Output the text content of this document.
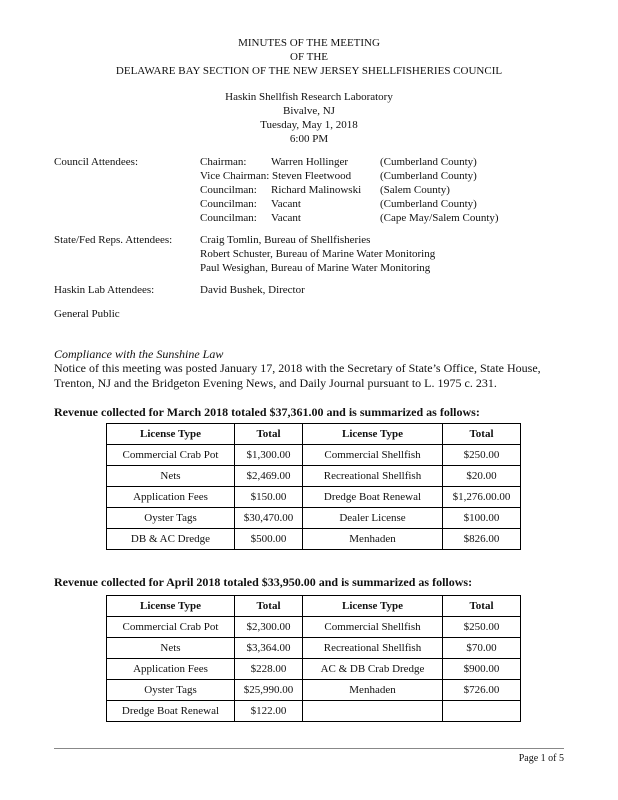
MINUTES OF THE MEETING
OF THE
DELAWARE BAY SECTION OF THE NEW JERSEY SHELLFISHERIES COUNCIL
Haskin Shellfish Research Laboratory
Bivalve, NJ
Tuesday, May 1, 2018
6:00 PM
Council Attendees:	Chairman: Warren Hollinger	(Cumberland County)
Vice Chairman: Steven Fleetwood	(Cumberland County)
Councilman: Richard Malinowski (Salem County)
Councilman: Vacant	(Cumberland County)
Councilman: Vacant	(Cape May/Salem County)
State/Fed Reps. Attendees:	Craig Tomlin, Bureau of Shellfisheries
Robert Schuster, Bureau of Marine Water Monitoring
Paul Wesighan, Bureau of Marine Water Monitoring
Haskin Lab Attendees:	David Bushek, Director
General Public
Compliance with the Sunshine Law
Notice of this meeting was posted January 17, 2018 with the Secretary of State’s Office, State House,
Trenton, NJ and the Bridgeton Evening News, and Daily Journal pursuant to L. 1975 c. 231.
Revenue collected for March 2018 totaled $37,361.00 and is summarized as follows:
License Type	Total	License Type	Total
Commercial Crab Pot	$1,300.00	Commercial Shellfish	$250.00
Nets	$2,469.00	Recreational Shellfish	$20.00
Application Fees	$150.00	Dredge Boat Renewal	$1,276.00.00
Oyster Tags	$30,470.00	Dealer License	$100.00
DB & AC Dredge	$500.00	Menhaden	$826.00
Revenue collected for April 2018 totaled $33,950.00 and is summarized as follows:
License Type	Total	License Type	Total
Commercial Crab Pot	$2,300.00	Commercial Shellfish	$250.00
Nets	$3,364.00	Recreational Shellfish	$70.00
Application Fees	$228.00	AC & DB Crab Dredge	$900.00
Oyster Tags	$25,990.00	Menhaden	$726.00
Dredge Boat Renewal	$122.00		
Page 1 of 5
